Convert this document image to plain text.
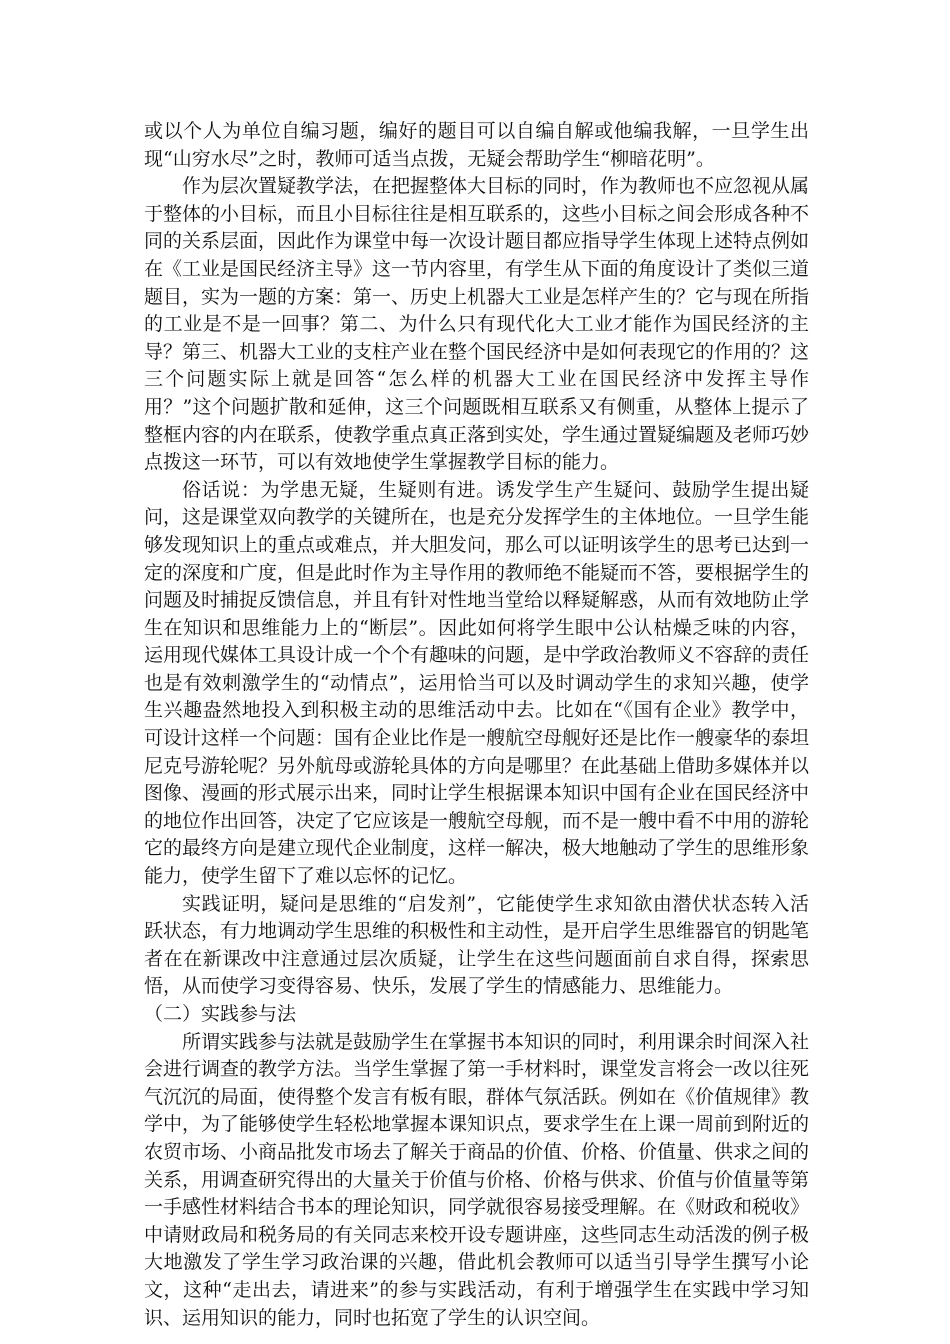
或以个人为单位自编习题，编好的题目可以自编自解或他编我解，一旦学生出现“山穷水尽”之时，教师可适当点拨，无疑会帮助学生“柳暗花明”。

作为层次置疑教学法，在把握整体大目标的同时，作为教师也不应忽视从属于整体的小目标，而且小目标往往是相互联系的，这些小目标之间会形成各种不同的关系层面，因此作为课堂中每一次设计题目都应指导学生体现上述特点例如在《工业是国民经济主导》这一节内容里，有学生从下面的角度设计了类似三道题目，实为一题的方案：第一、历史上机器大工业是怎样产生的？它与现在所指的工业是不是一回事？第二、为什么只有现代化大工业才能作为国民经济的主导？第三、机器大工业的支柱产业在整个国民经济中是如何表现它的作用的？这三个问题实际上就是回答“怎么样的机器大工业在国民经济中发挥主导作用？”这个问题扩散和延伸，这三个问题既相互联系又有侧重，从整体上提示了整框内容的内在联系，使教学重点真正落到实处，学生通过置疑编题及老师巧妙点拨这一环节，可以有效地使学生掌握教学目标的能力。

俗话说：为学患无疑，生疑则有进。诱发学生产生疑问、鼓励学生提出疑问，这是课堂双向教学的关键所在，也是充分发挥学生的主体地位。一旦学生能够发现知识上的重点或难点，并大胆发问，那么可以证明该学生的思考已达到一定的深度和广度，但是此时作为主导作用的教师绝不能疑而不答，要根据学生的问题及时捕捉反馈信息，并且有针对性地当堂给以释疑解惑，从而有效地防止学生在知识和思维能力上的“断层”。因此如何将学生眼中公认枯燥乏味的内容，运用现代媒体工具设计成一个个有趣味的问题，是中学政治教师义不容辞的责任也是有效刺激学生的“动情点”，运用恰当可以及时调动学生的求知兴趣，使学生兴趣盎然地投入到积极主动的思维活动中去。比如在“《国有企业》教学中，可设计这样一个问题：国有企业比作是一艘航空母舰好还是比作一艘豪华的泰坦尼克号游轮呢？另外航母或游轮具体的方向是哪里？在此基础上借助多媒体并以图像、漫画的形式展示出来，同时让学生根据课本知识中国有企业在国民经济中的地位作出回答，决定了它应该是一艘航空母舰，而不是一艘中看不中用的游轮它的最终方向是建立现代企业制度，这样一解决，极大地触动了学生的思维形象能力，使学生留下了难以忘怀的记忆。

实践证明，疑问是思维的“启发剂”，它能使学生求知欲由潜伏状态转入活跃状态，有力地调动学生思维的积极性和主动性，是开启学生思维器官的钥匙笔者在在新课改中注意通过层次质疑，让学生在这些问题面前自求自得，探索思悟，从而使学习变得容易、快乐，发展了学生的情感能力、思维能力。

（二）实践参与法

所谓实践参与法就是鼓励学生在掌握书本知识的同时，利用课余时间深入社会进行调查的教学方法。当学生掌握了第一手材料时，课堂发言将会一改以往死气沉沉的局面，使得整个发言有板有眼，群体气氛活跃。例如在《价值规律》教学中，为了能够使学生轻松地掌握本课知识点，要求学生在上课一周前到附近的农贸市场、小商品批发市场去了解关于商品的价值、价格、价值量、供求之间的关系，用调查研究得出的大量关于价值与价格、价格与供求、价值与价值量等第一手感性材料结合书本的理论知识，同学就很容易接受理解。在《财政和税收》中请财政局和税务局的有关同志来校开设专题讲座，这些同志生动活泼的例子极大地激发了学生学习政治课的兴趣，借此机会教师可以适当引导学生撰写小论文，这种“走出去，请进来”的参与实践活动，有利于增强学生在实践中学习知识、运用知识的能力，同时也拓宽了学生的认识空间。
